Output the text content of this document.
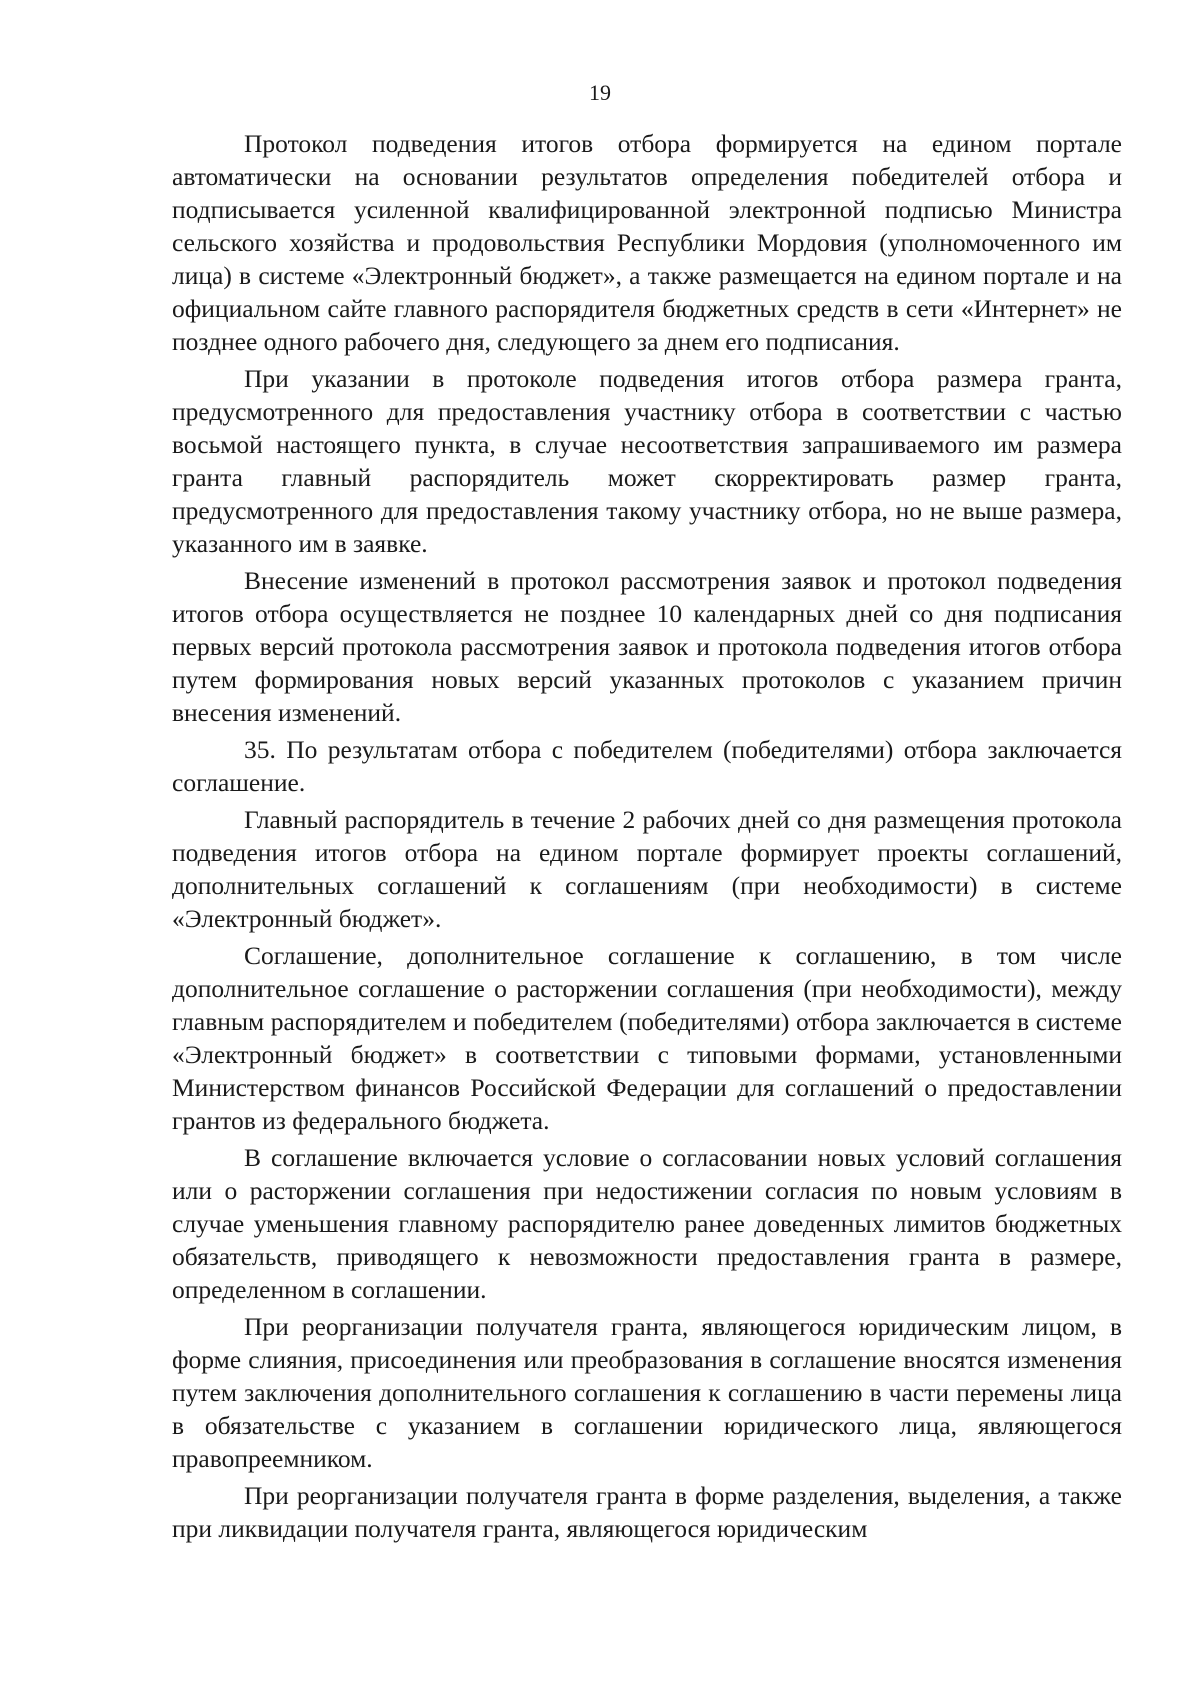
19

Протокол подведения итогов отбора формируется на едином портале автоматически на основании результатов определения победителей отбора и подписывается усиленной квалифицированной электронной подписью Министра сельского хозяйства и продовольствия Республики Мордовия (уполномоченного им лица) в системе «Электронный бюджет», а также размещается на едином портале и на официальном сайте главного распорядителя бюджетных средств в сети «Интернет» не позднее одного рабочего дня, следующего за днем его подписания.

При указании в протоколе подведения итогов отбора размера гранта, предусмотренного для предоставления участнику отбора в соответствии с частью восьмой настоящего пункта, в случае несоответствия запрашиваемого им размера гранта главный распорядитель может скорректировать размер гранта, предусмотренного для предоставления такому участнику отбора, но не выше размера, указанного им в заявке.

Внесение изменений в протокол рассмотрения заявок и протокол подведения итогов отбора осуществляется не позднее 10 календарных дней со дня подписания первых версий протокола рассмотрения заявок и протокола подведения итогов отбора путем формирования новых версий указанных протоколов с указанием причин внесения изменений.

35. По результатам отбора с победителем (победителями) отбора заключается соглашение.

Главный распорядитель в течение 2 рабочих дней со дня размещения протокола подведения итогов отбора на едином портале формирует проекты соглашений, дополнительных соглашений к соглашениям (при необходимости) в системе «Электронный бюджет».

Соглашение, дополнительное соглашение к соглашению, в том числе дополнительное соглашение о расторжении соглашения (при необходимости), между главным распорядителем и победителем (победителями) отбора заключается в системе «Электронный бюджет» в соответствии с типовыми формами, установленными Министерством финансов Российской Федерации для соглашений о предоставлении грантов из федерального бюджета.

В соглашение включается условие о согласовании новых условий соглашения или о расторжении соглашения при недостижении согласия по новым условиям в случае уменьшения главному распорядителю ранее доведенных лимитов бюджетных обязательств, приводящего к невозможности предоставления гранта в размере, определенном в соглашении.

При реорганизации получателя гранта, являющегося юридическим лицом, в форме слияния, присоединения или преобразования в соглашение вносятся изменения путем заключения дополнительного соглашения к соглашению в части перемены лица в обязательстве с указанием в соглашении юридического лица, являющегося правопреемником.

При реорганизации получателя гранта в форме разделения, выделения, а также при ликвидации получателя гранта, являющегося юридическим
